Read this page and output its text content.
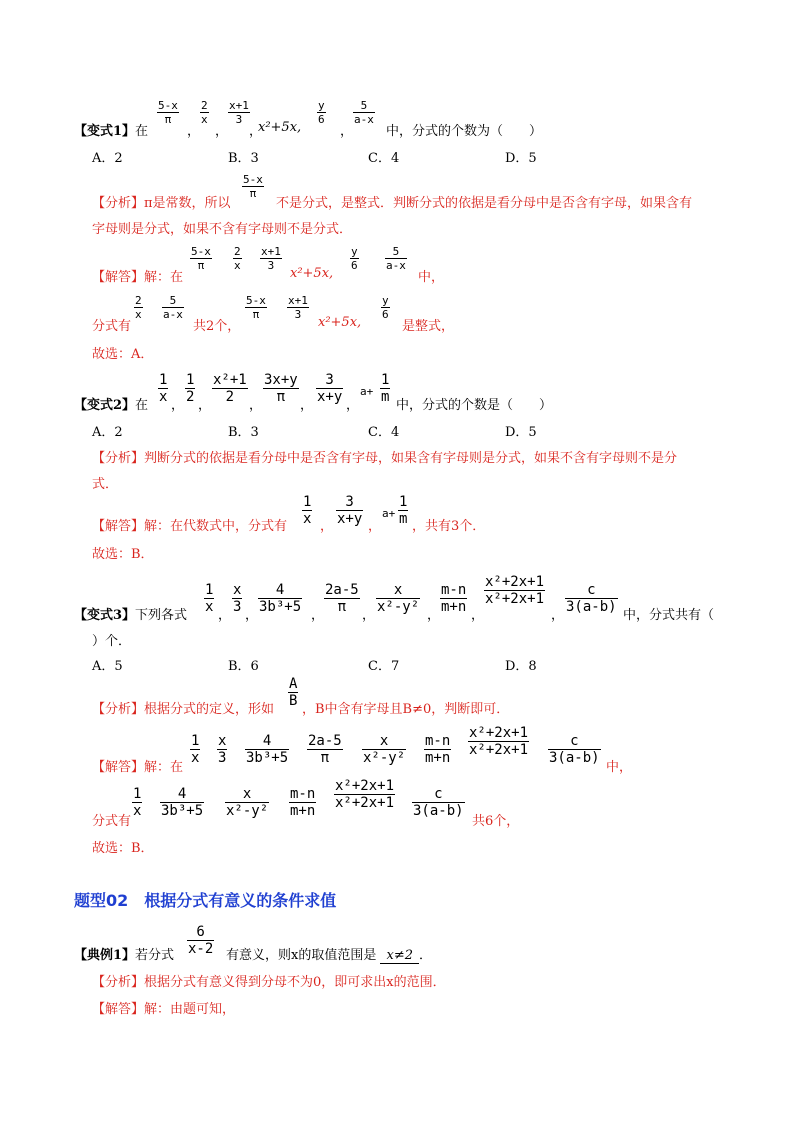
$\frac{5-x}{\pi} \frac{2}{x} \frac{x+1}{3}$	$\frac{y}{6} \frac{5}{a-x}$
【变式1】在	， ， ，
x²+5x,	，	中，分式的个数为（　　）
A．2	B．3	C．4	D．5
$\frac{5-x}{\pi}$
【分析】π是常数，所以	不是分式，是整式．判断分式的依据是看分母中是否含有字母，如果含有
字母则是分式，如果不含有字母则不是分式．
$\frac{5-x}{\pi} \frac{2}{x} \frac{x+1}{3}$	$\frac{y}{6} \frac{5}{a-x}$
【解答】解：在	x²+5x,	中，
$\frac{2}{x} \frac{5}{a-x}$	$\frac{5-x}{\pi} \frac{x+1}{3}$	$\frac{y}{6}$
分式有	共2个，	x²+5x,	是整式，
故选：A．
$\frac{1}{x} \frac{1}{2} \frac{\text{x²+1}}{2} \frac{3x+y}{\pi} \frac{3}{x+y} a+ \frac{1}{m}$
【变式2】在 ， ，	，	，	，	中，分式的个数是（　　）
A．2	B．3	C．4	D．5
【分析】判断分式的依据是看分母中是否含有字母，如果含有字母则是分式，如果不含有字母则不是分
式．
$\frac{1}{x}$ ， $\frac{3}{x+y}$ ，
$a+ \frac{1}{m}$
【解答】解：在代数式中，分式有	，共有3个．
故选：B．
$\frac{1}{x} \frac{x}{3} \frac{4}{\text{3b³+5}} \frac{2a-5}{\pi} \frac{x}{\text{x²-y²}} \frac{m-n}{m+n} \frac{\text{x²+2x+1}}{\text{x²+2x+1}} \frac{c}{3(a-b)}$
【变式3】下列各式 ， ，	，	，	， ，	，	中，分式共有（
）个．
A．5	B．6	C．7	D．8
$\frac{A}{B}$
【分析】根据分式的定义，形如 ，B中含有字母且B≠0，判断即可．
$\frac{1}{x} \frac{x}{3} \frac{4}{\text{3b³+5}} \frac{2a-5}{\pi} \frac{x}{\text{x²-y²}} \frac{m-n}{m+n} \frac{\text{x²+2x+1}}{\text{x²+2x+1}} \frac{c}{3(a-b)}$
【解答】解：在	中，
$\frac{1}{x} \frac{4}{\text{3b³+5}} \frac{x}{\text{x²-y²}} \frac{m-n}{m+n} \frac{\text{x²+2x+1}}{\text{x²+2x+1}} \frac{c}{3(a-b)}$
分式有	共6个，
故选：B．
题型02　根据分式有意义的条件求值
$\frac{6}{x-2}$
【典例1】若分式	有意义，则x的取值范围是 x≠2 ．
【分析】根据分式有意义得到分母不为0，即可求出x的范围．
【解答】解：由题可知，
